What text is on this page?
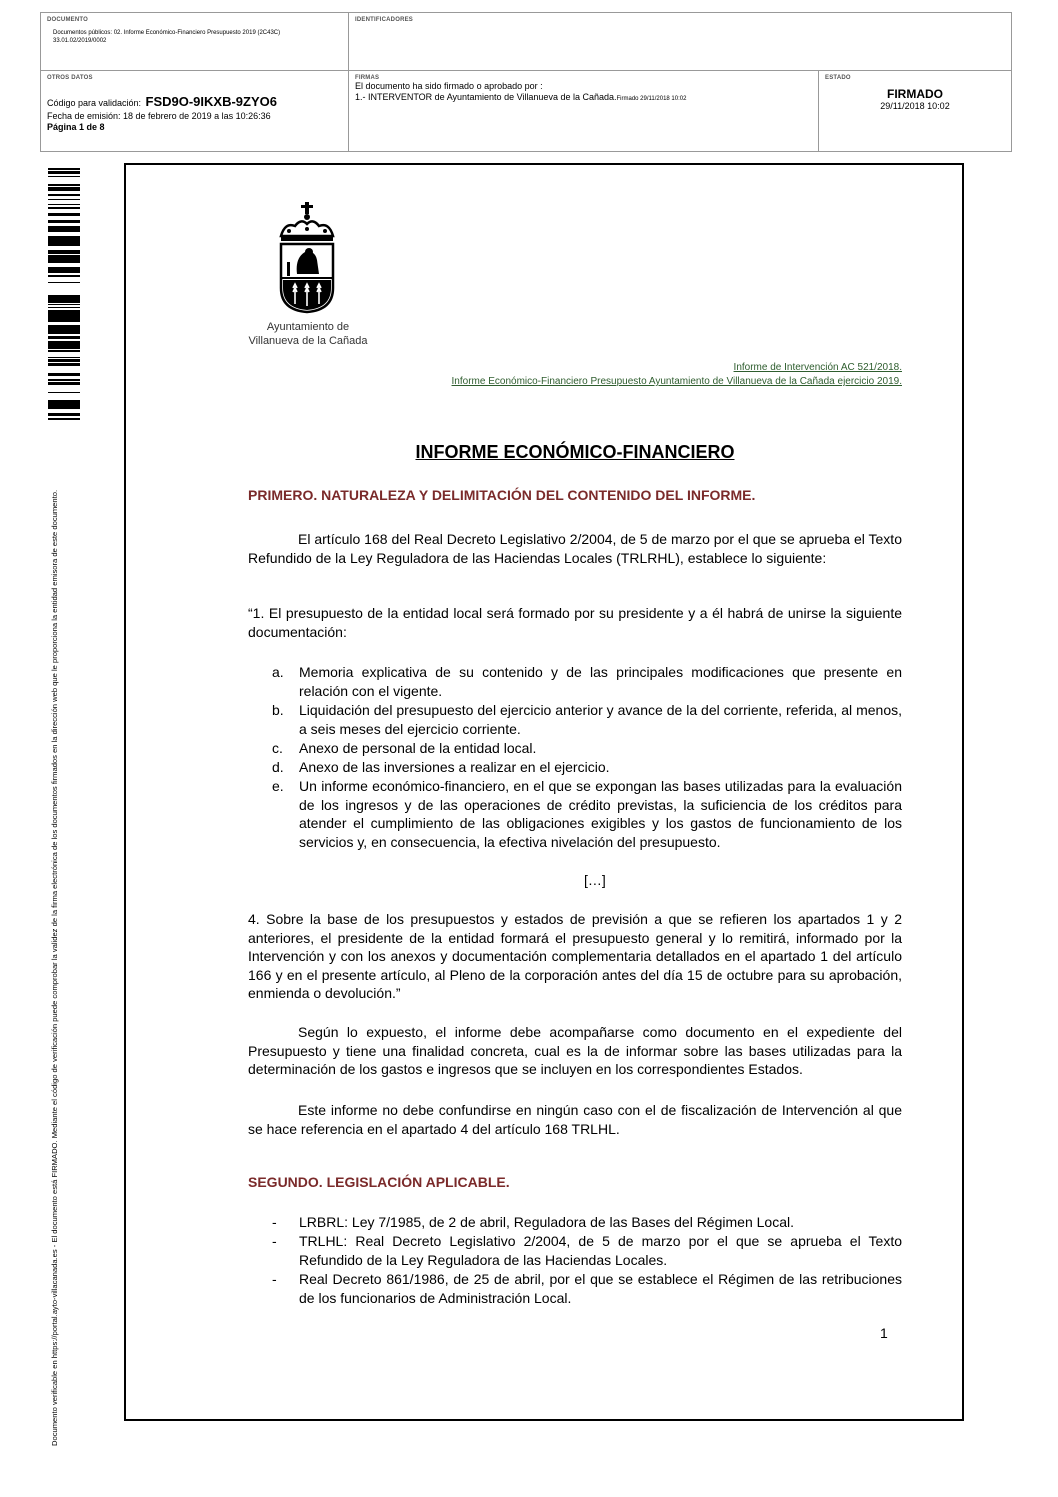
DOCUMENTO
Documentos públicos: 02. Informe Económico-Financiero Presupuesto 2019 (2C43C) 33.01.02/2019/0002
IDENTIFICADORES
OTROS DATOS
Código para validación: FSD9O-9IKXB-9ZYO6
Fecha de emisión: 18 de febrero de 2019 a las 10:26:36
Página 1 de 8
FIRMAS
El documento ha sido firmado o aprobado por :
1.- INTERVENTOR de Ayuntamiento de Villanueva de la Cañada.Firmado 29/11/2018 10:02
ESTADO
FIRMADO
29/11/2018 10:02
Documento verificable en https://portal.ayto-villacanada.es - El documento está FIRMADO. Mediante el código de verificación puede comprobar la validez de la firma electrónica de los documentos firmados en la dirección web que le proporciona la entidad emisora de este documento.
Ayuntamiento de
Villanueva de la Cañada
Informe de Intervención AC 521/2018.
Informe Económico-Financiero Presupuesto Ayuntamiento de Villanueva de la Cañada ejercicio 2019.
INFORME ECONÓMICO-FINANCIERO
PRIMERO. NATURALEZA Y DELIMITACIÓN DEL CONTENIDO DEL INFORME.
El artículo 168 del Real Decreto Legislativo 2/2004, de 5 de marzo por el que se aprueba el Texto Refundido de la Ley Reguladora de las Haciendas Locales (TRLRHL), establece lo siguiente:
“1. El presupuesto de la entidad local será formado por su presidente y a él habrá de unirse la siguiente documentación:
a.	Memoria explicativa de su contenido y de las principales modificaciones que presente en relación con el vigente.
b.	Liquidación del presupuesto del ejercicio anterior y avance de la del corriente, referida, al menos, a seis meses del ejercicio corriente.
c.	Anexo de personal de la entidad local.
d.	Anexo de las inversiones a realizar en el ejercicio.
e.	Un informe económico-financiero, en el que se expongan las bases utilizadas para la evaluación de los ingresos y de las operaciones de crédito previstas, la suficiencia de los créditos para atender el cumplimiento de las obligaciones exigibles y los gastos de funcionamiento de los servicios y, en consecuencia, la efectiva nivelación del presupuesto.
[…]
4. Sobre la base de los presupuestos y estados de previsión a que se refieren los apartados 1 y 2 anteriores, el presidente de la entidad formará el presupuesto general y lo remitirá, informado por la Intervención y con los anexos y documentación complementaria detallados en el apartado 1 del artículo 166 y en el presente artículo, al Pleno de la corporación antes del día 15 de octubre para su aprobación, enmienda o devolución.”
Según lo expuesto, el informe debe acompañarse como documento en el expediente del Presupuesto y tiene una finalidad concreta, cual es la de informar sobre las bases utilizadas para la determinación de los gastos e ingresos que se incluyen en los correspondientes Estados.
Este informe no debe confundirse en ningún caso con el de fiscalización de Intervención al que se hace referencia en el apartado 4 del artículo 168 TRLHL.
SEGUNDO. LEGISLACIÓN APLICABLE.
-	LRBRL: Ley 7/1985, de 2 de abril, Reguladora de las Bases del Régimen Local.
-	TRLHL: Real Decreto Legislativo 2/2004, de 5 de marzo por el que se aprueba el Texto Refundido de la Ley Reguladora de las Haciendas Locales.
-	Real Decreto 861/1986, de 25 de abril, por el que se establece el Régimen de las retribuciones de los funcionarios de Administración Local.
1
